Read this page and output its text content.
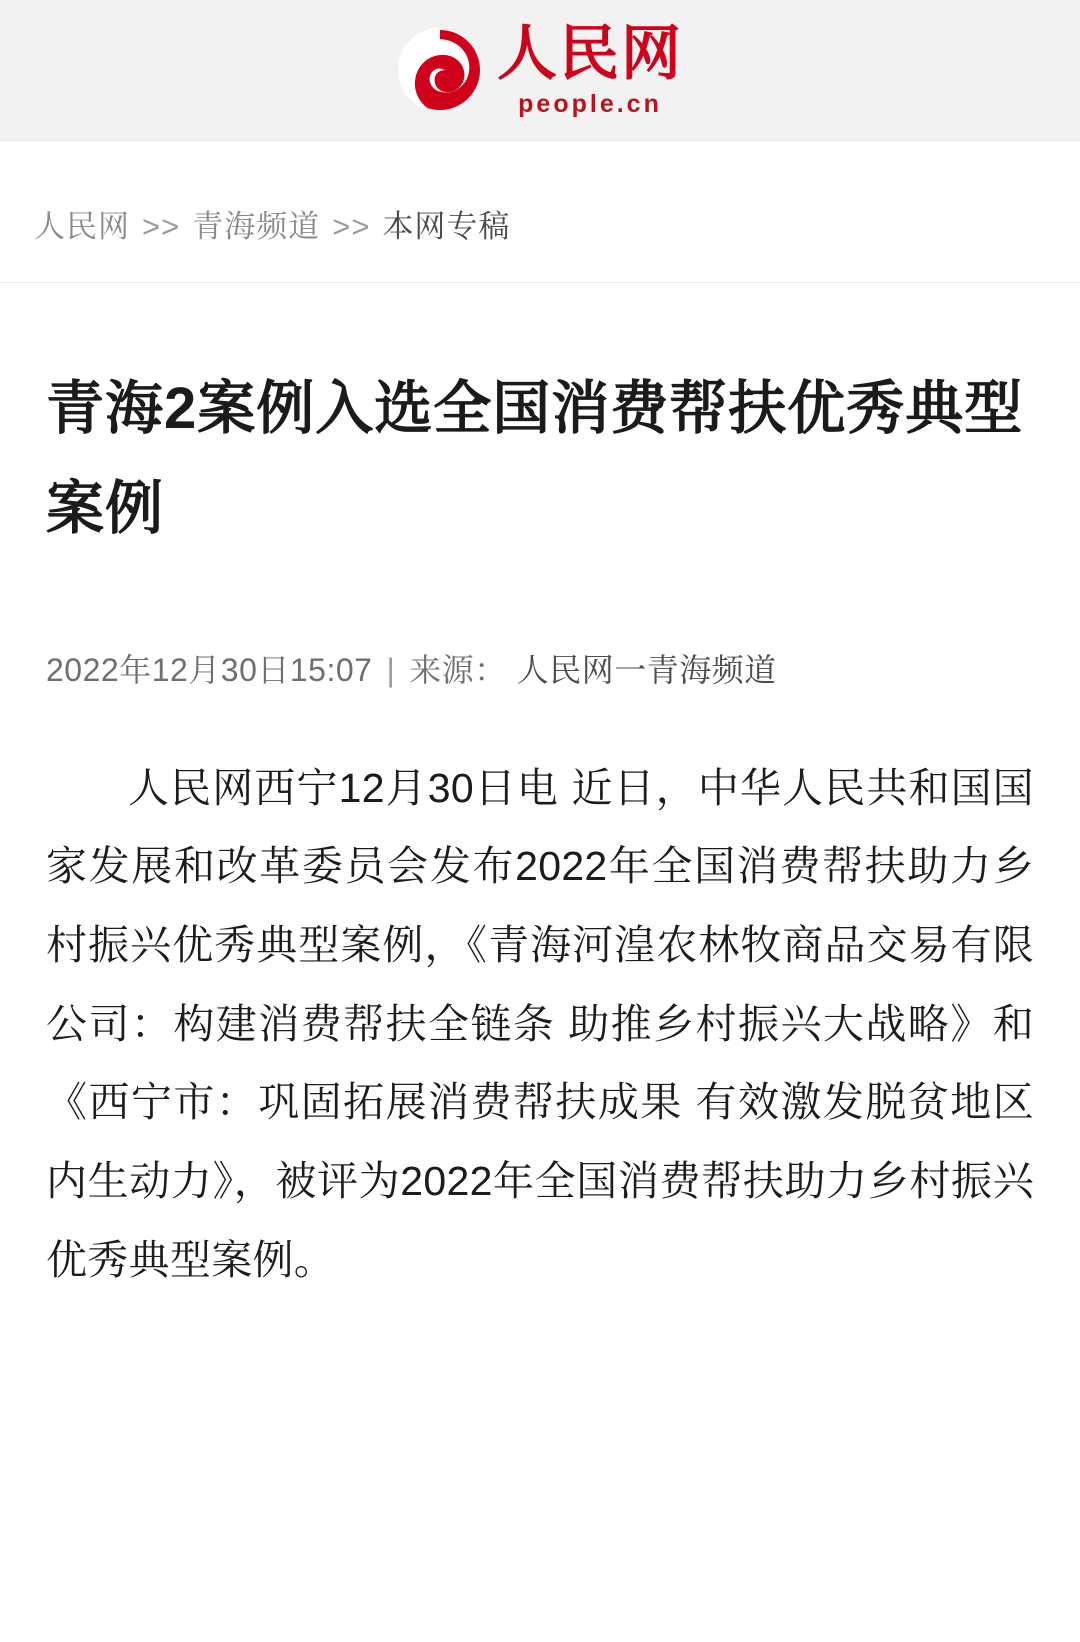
人民网
people.cn
人民网 >> 青海频道 >> 本网专稿
青海2案例入选全国消费帮扶优秀典型案例
2022年12月30日15:07 | 来源： 人民网一青海频道

人民网西宁12月30日电 近日，中华人民共和国国家发展和改革委员会发布2022年全国消费帮扶助力乡村振兴优秀典型案例，《青海河湟农林牧商品交易有限公司：构建消费帮扶全链条 助推乡村振兴大战略》和《西宁市：巩固拓展消费帮扶成果 有效激发脱贫地区内生动力》，被评为2022年全国消费帮扶助力乡村振兴优秀典型案例。
